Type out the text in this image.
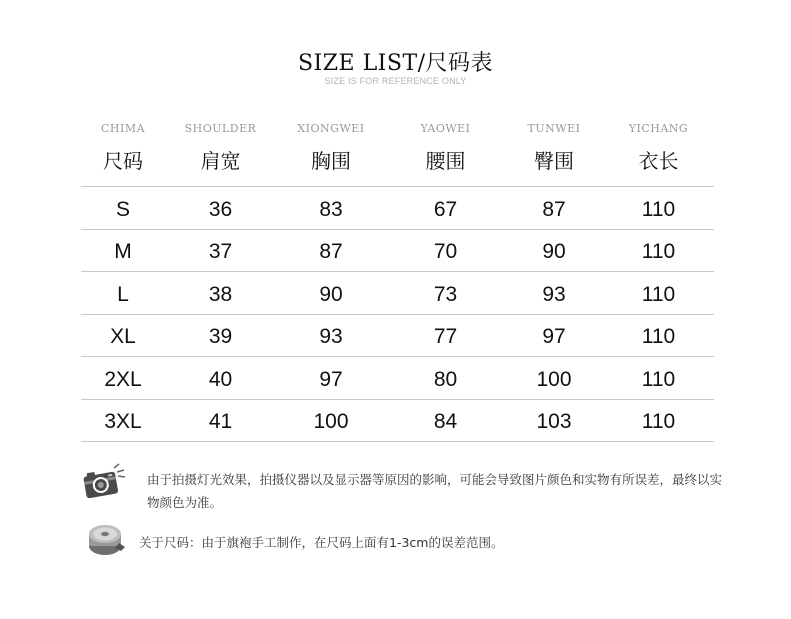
SIZE LIST/尺码表
SIZE IS FOR REFERENCE ONLY
CHIMA	SHOULDER	XIONGWEI	YAOWEI	TUNWEI	YICHANG
尺码	肩宽	胸围	腰围	臀围	衣长
S	36	83	67	87	110
M	37	87	70	90	110
L	38	90	73	93	110
XL	39	93	77	97	110
2XL	40	97	80	100	110
3XL	41	100	84	103	110
由于拍摄灯光效果，拍摄仪器以及显示器等原因的影响，可能会导致图片颜色和实物有所误差，最终以实物颜色为准。
关于尺码：由于旗袍手工制作，在尺码上面有1-3cm的误差范围。
